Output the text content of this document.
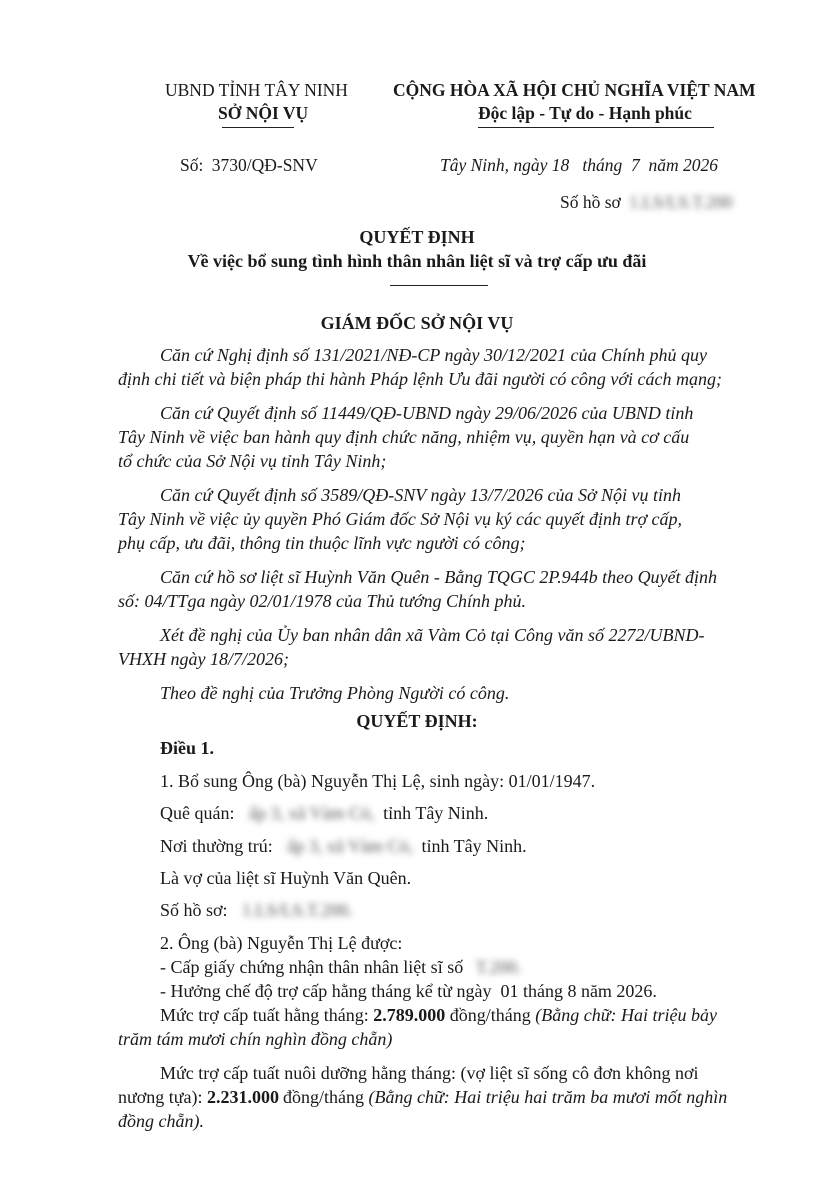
UBND TỈNH TÂY NINH
SỞ NỘI VỤ
CỘNG HÒA XÃ HỘI CHỦ NGHĨA VIỆT NAM
Độc lập - Tự do - Hạnh phúc
Số: 3730/QĐ-SNV	Tây Ninh, ngày 18   tháng  7  năm 2026
Số hồ sơ 1.LS/LS.T.200
QUYẾT ĐỊNH
Về việc bổ sung tình hình thân nhân liệt sĩ và trợ cấp ưu đãi
GIÁM ĐỐC SỞ NỘI VỤ
Căn cứ Nghị định số 131/2021/NĐ-CP ngày 30/12/2021 của Chính phủ quy
định chi tiết và biện pháp thi hành Pháp lệnh Ưu đãi người có công với cách mạng;
Căn cứ Quyết định số 11449/QĐ-UBND ngày 29/06/2026 của UBND tỉnh
Tây Ninh về việc ban hành quy định chức năng, nhiệm vụ, quyền hạn và cơ cấu
tổ chức của Sở Nội vụ tỉnh Tây Ninh;
Căn cứ Quyết định số 3589/QĐ-SNV ngày 13/7/2026 của Sở Nội vụ tỉnh
Tây Ninh về việc ủy quyền Phó Giám đốc Sở Nội vụ ký các quyết định trợ cấp,
phụ cấp, ưu đãi, thông tin thuộc lĩnh vực người có công;
Căn cứ hồ sơ liệt sĩ Huỳnh Văn Quên - Bằng TQGC 2P.944b theo Quyết định
số: 04/TTga ngày 02/01/1978 của Thủ tướng Chính phủ.
Xét đề nghị của Ủy ban nhân dân xã Vàm Cỏ tại Công văn số 2272/UBND-
VHXH ngày 18/7/2026;
Theo đề nghị của Trưởng Phòng Người có công.
QUYẾT ĐỊNH:
Điều 1.
1. Bổ sung Ông (bà) Nguyễn Thị Lệ, sinh ngày: 01/01/1947.
Quê quán: ấp 3, xã Vàm Cỏ, tỉnh Tây Ninh.
Nơi thường trú: ấp 3, xã Vàm Cỏ, tỉnh Tây Ninh.
Là vợ của liệt sĩ Huỳnh Văn Quên.
Số hồ sơ: 1.LS/LS.T.200.
2. Ông (bà) Nguyễn Thị Lệ được:
- Cấp giấy chứng nhận thân nhân liệt sĩ số T.200.
- Hưởng chế độ trợ cấp hằng tháng kể từ ngày  01 tháng 8 năm 2026.
Mức trợ cấp tuất hằng tháng: 2.789.000 đồng/tháng (Bằng chữ: Hai triệu bảy
trăm tám mươi chín nghìn đồng chẵn)
Mức trợ cấp tuất nuôi dưỡng hằng tháng: (vợ liệt sĩ sống cô đơn không nơi
nương tựa): 2.231.000 đồng/tháng (Bằng chữ: Hai triệu hai trăm ba mươi mốt nghìn
đồng chẵn).
